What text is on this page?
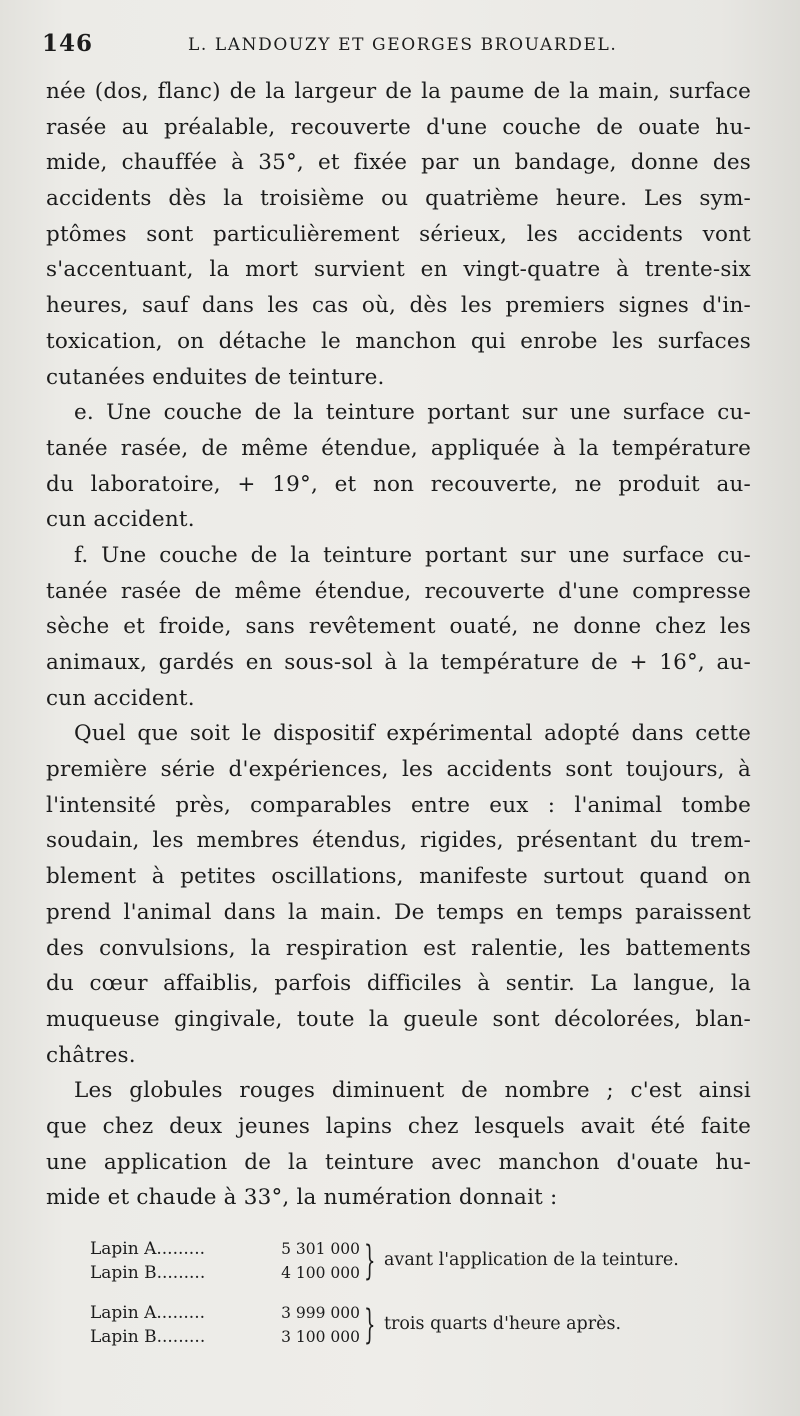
146	L. LANDOUZY ET GEORGES BROUARDEL.
née (dos, flanc) de la largeur de la paume de la main, surface
rasée au préalable, recouverte d'une couche de ouate hu-
mide, chauffée à 35°, et fixée par un bandage, donne des
accidents dès la troisième ou quatrième heure. Les sym-
ptômes sont particulièrement sérieux, les accidents vont
s'accentuant, la mort survient en vingt-quatre à trente-six
heures, sauf dans les cas où, dès les premiers signes d'in-
toxication, on détache le manchon qui enrobe les surfaces
cutanées enduites de teinture.
e. Une couche de la teinture portant sur une surface cu-
tanée rasée, de même étendue, appliquée à la température
du laboratoire, + 19°, et non recouverte, ne produit au-
cun accident.
f. Une couche de la teinture portant sur une surface cu-
tanée rasée de même étendue, recouverte d'une compresse
sèche et froide, sans revêtement ouaté, ne donne chez les
animaux, gardés en sous-sol à la température de + 16°, au-
cun accident.
Quel que soit le dispositif expérimental adopté dans cette
première série d'expériences, les accidents sont toujours, à
l'intensité près, comparables entre eux : l'animal tombe
soudain, les membres étendus, rigides, présentant du trem-
blement à petites oscillations, manifeste surtout quand on
prend l'animal dans la main. De temps en temps paraissent
des convulsions, la respiration est ralentie, les battements
du cœur affaiblis, parfois difficiles à sentir. La langue, la
muqueuse gingivale, toute la gueule sont décolorées, blan-
châtres.
Les globules rouges diminuent de nombre ; c'est ainsi
que chez deux jeunes lapins chez lesquels avait été faite
une application de la teinture avec manchon d'ouate hu-
mide et chaude à 33°, la numération donnait :
Lapin A.........	5 301 000
Lapin B.........	4 100 000 } avant l'application de la teinture.
Lapin A.........	3 999 000
Lapin B.........	3 100 000 } trois quarts d'heure après.
